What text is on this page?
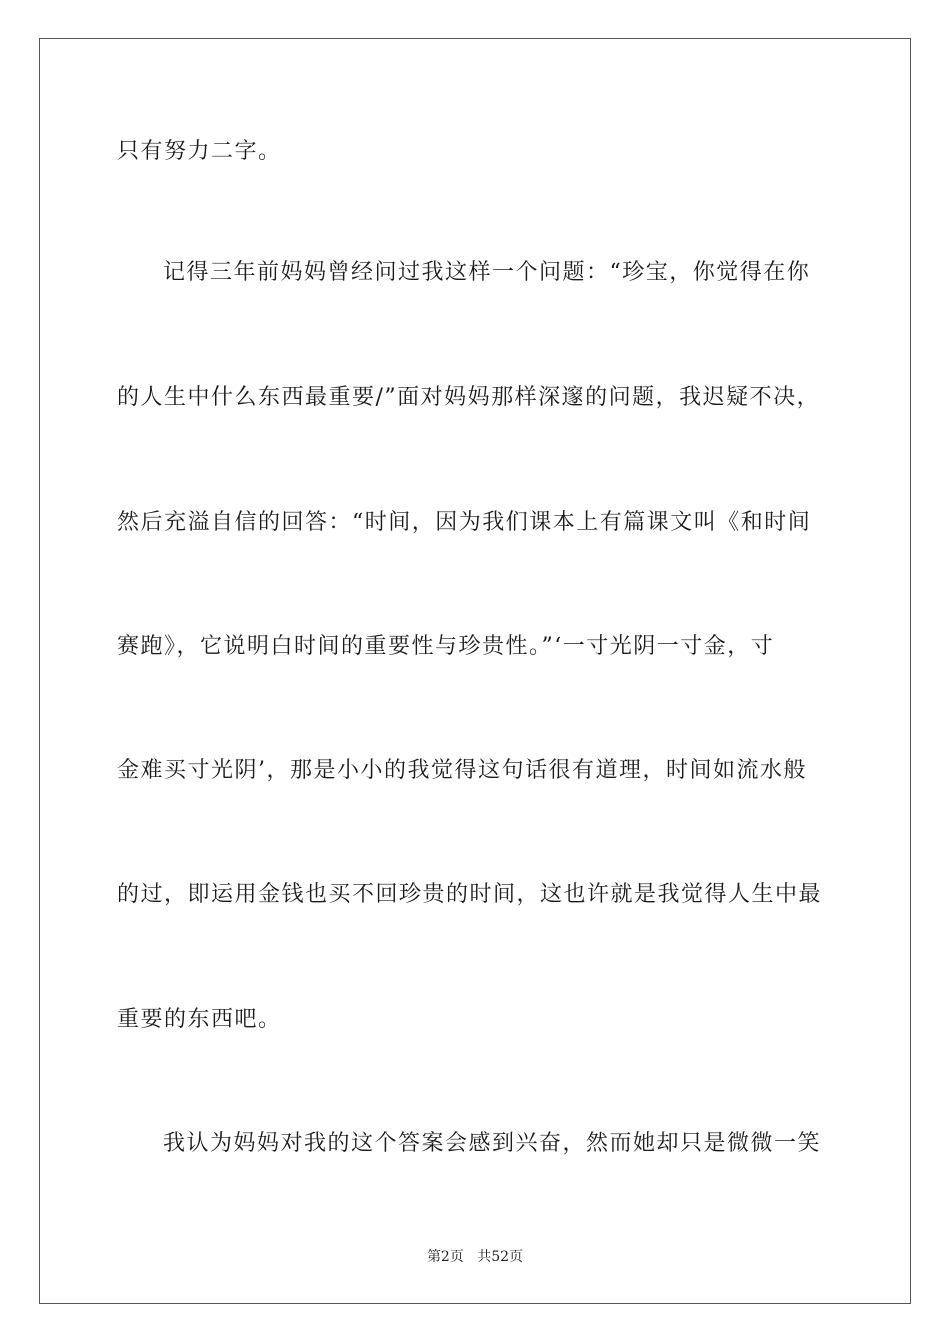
只有努力二字。
记得三年前妈妈曾经问过我这样一个问题：“珍宝，你觉得在你
的人生中什么东西最重要/”面对妈妈那样深邃的问题，我迟疑不决，
然后充溢自信的回答：“时间，因为我们课本上有篇课文叫《和时间
赛跑》，它说明白时间的重要性与珍贵性。”‘一寸光阴一寸金，寸
金难买寸光阴’，那是小小的我觉得这句话很有道理，时间如流水般
的过，即运用金钱也买不回珍贵的时间，这也许就是我觉得人生中最
重要的东西吧。
我认为妈妈对我的这个答案会感到兴奋，然而她却只是微微一笑
第2页 共52页
